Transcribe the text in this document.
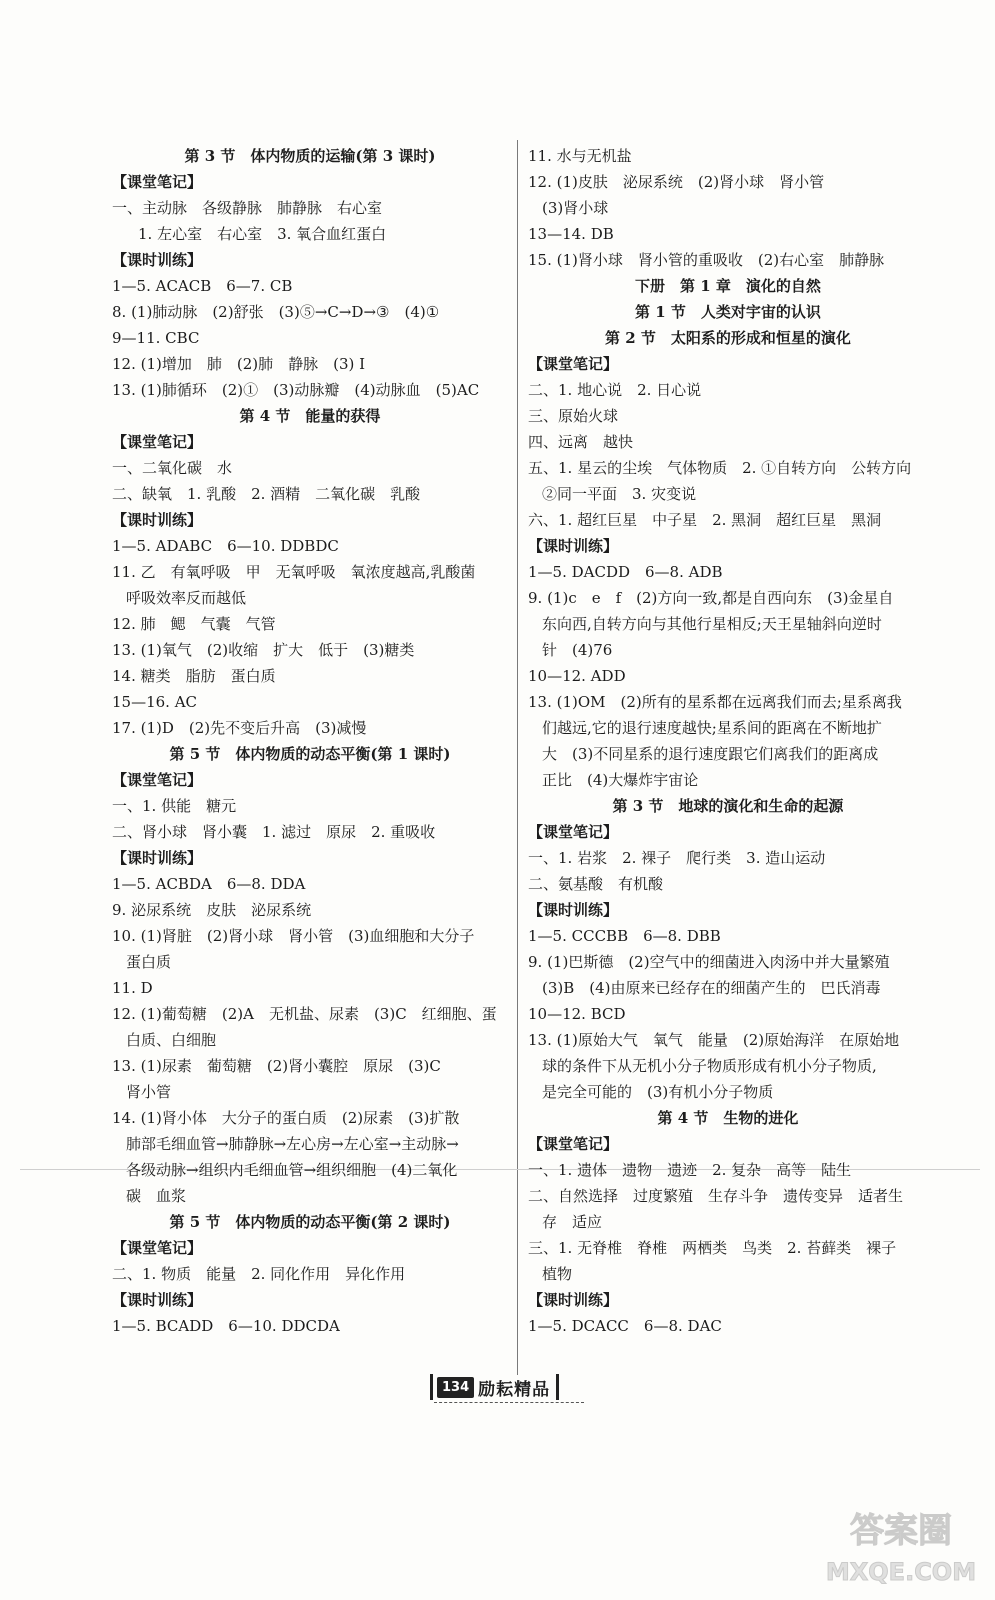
第 3 节　体内物质的运输(第 3 课时)
【课堂笔记】
一、主动脉　各级静脉　肺静脉　右心室
1. 左心室　右心室　3. 氧合血红蛋白
【课时训练】
1—5. ACACB　6—7. CB
8. (1)肺动脉　(2)舒张　(3)⑤→C→D→③　(4)①
9—11. CBC
12. (1)增加　肺　(2)肺　静脉　(3) I
13. (1)肺循环　(2)①　(3)动脉瓣　(4)动脉血　(5)AC
第 4 节　能量的获得
【课堂笔记】
一、二氧化碳　水
二、缺氧　1. 乳酸　2. 酒精　二氧化碳　乳酸
【课时训练】
1—5. ADABC　6—10. DDBDC
11. 乙　有氧呼吸　甲　无氧呼吸　氧浓度越高,乳酸菌
呼吸效率反而越低
12. 肺　鳃　气囊　气管
13. (1)氧气　(2)收缩　扩大　低于　(3)糖类
14. 糖类　脂肪　蛋白质
15—16. AC
17. (1)D　(2)先不变后升高　(3)减慢
第 5 节　体内物质的动态平衡(第 1 课时)
【课堂笔记】
一、1. 供能　糖元
二、肾小球　肾小囊　1. 滤过　原尿　2. 重吸收
【课时训练】
1—5. ACBDA　6—8. DDA
9. 泌尿系统　皮肤　泌尿系统
10. (1)肾脏　(2)肾小球　肾小管　(3)血细胞和大分子
蛋白质
11. D
12. (1)葡萄糖　(2)A　无机盐、尿素　(3)C　红细胞、蛋
白质、白细胞
13. (1)尿素　葡萄糖　(2)肾小囊腔　原尿　(3)C
肾小管
14. (1)肾小体　大分子的蛋白质　(2)尿素　(3)扩散
肺部毛细血管→肺静脉→左心房→左心室→主动脉→
各级动脉→组织内毛细血管→组织细胞　(4)二氧化
碳　血浆
第 5 节　体内物质的动态平衡(第 2 课时)
【课堂笔记】
二、1. 物质　能量　2. 同化作用　异化作用
【课时训练】
1—5. BCADD　6—10. DDCDA
11. 水与无机盐
12. (1)皮肤　泌尿系统　(2)肾小球　肾小管
(3)肾小球
13—14. DB
15. (1)肾小球　肾小管的重吸收　(2)右心室　肺静脉
下册　第 1 章　演化的自然
第 1 节　人类对宇宙的认识
第 2 节　太阳系的形成和恒星的演化
【课堂笔记】
二、1. 地心说　2. 日心说
三、原始火球
四、远离　越快
五、1. 星云的尘埃　气体物质　2. ①自转方向　公转方向
②同一平面　3. 灾变说
六、1. 超红巨星　中子星　2. 黑洞　超红巨星　黑洞
【课时训练】
1—5. DACDD　6—8. ADB
9. (1)c　e　f　(2)方向一致,都是自西向东　(3)金星自
东向西,自转方向与其他行星相反;天王星轴斜向逆时
针　(4)76
10—12. ADD
13. (1)OM　(2)所有的星系都在远离我们而去;星系离我
们越远,它的退行速度越快;星系间的距离在不断地扩
大　(3)不同星系的退行速度跟它们离我们的距离成
正比　(4)大爆炸宇宙论
第 3 节　地球的演化和生命的起源
【课堂笔记】
一、1. 岩浆　2. 裸子　爬行类　3. 造山运动
二、氨基酸　有机酸
【课时训练】
1—5. CCCBB　6—8. DBB
9. (1)巴斯德　(2)空气中的细菌进入肉汤中并大量繁殖
(3)B　(4)由原来已经存在的细菌产生的　巴氏消毒
10—12. BCD
13. (1)原始大气　氧气　能量　(2)原始海洋　在原始地
球的条件下从无机小分子物质形成有机小分子物质,
是完全可能的　(3)有机小分子物质
第 4 节　生物的进化
【课堂笔记】
一、1. 遗体　遗物　遗迹　2. 复杂　高等　陆生
二、自然选择　过度繁殖　生存斗争　遗传变异　适者生
存　适应
三、1. 无脊椎　脊椎　两栖类　鸟类　2. 苔藓类　裸子
植物
【课时训练】
1—5. DCACC　6—8. DAC
134 励耘精品
答案圈
MXQE.COM
